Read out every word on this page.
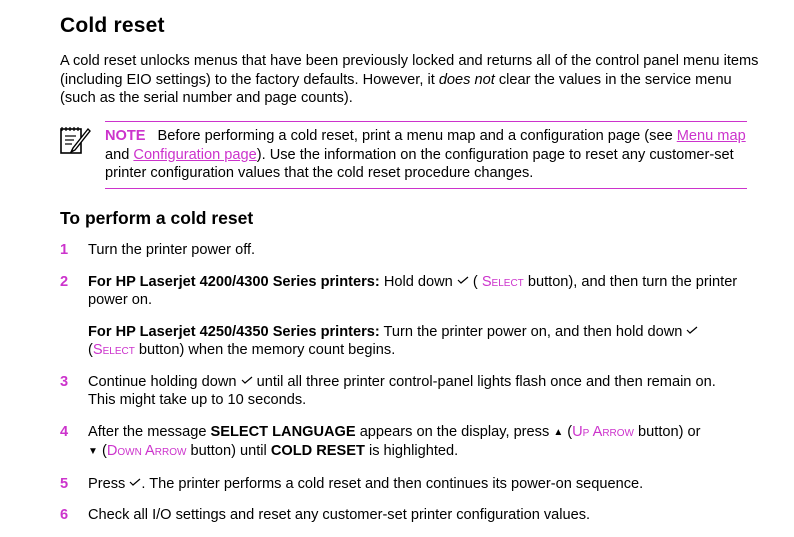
Cold reset

A cold reset unlocks menus that have been previously locked and returns all of the control panel menu items (including EIO settings) to the factory defaults. However, it does not clear the values in the service menu (such as the serial number and page counts).

NOTE Before performing a cold reset, print a menu map and a configuration page (see Menu map and Configuration page). Use the information on the configuration page to reset any customer-set printer configuration values that the cold reset procedure changes.
To perform a cold reset
1 Turn the printer power off.

2 For HP Laserjet 4200/4300 Series printers: Hold down  ( Select button), and then turn the printer power on.

For HP Laserjet 4250/4350 Series printers: Turn the printer power on, and then hold down  (Select button) when the memory count begins.

3 Continue holding down  until all three printer control-panel lights flash once and then remain on. This might take up to 10 seconds.

4 After the message SELECT LANGUAGE appears on the display, press ▲ (Up Arrow button) or
▼ (Down Arrow button) until COLD RESET is highlighted.

5 Press . The printer performs a cold reset and then continues its power-on sequence.

6 Check all I/O settings and reset any customer-set printer configuration values.
